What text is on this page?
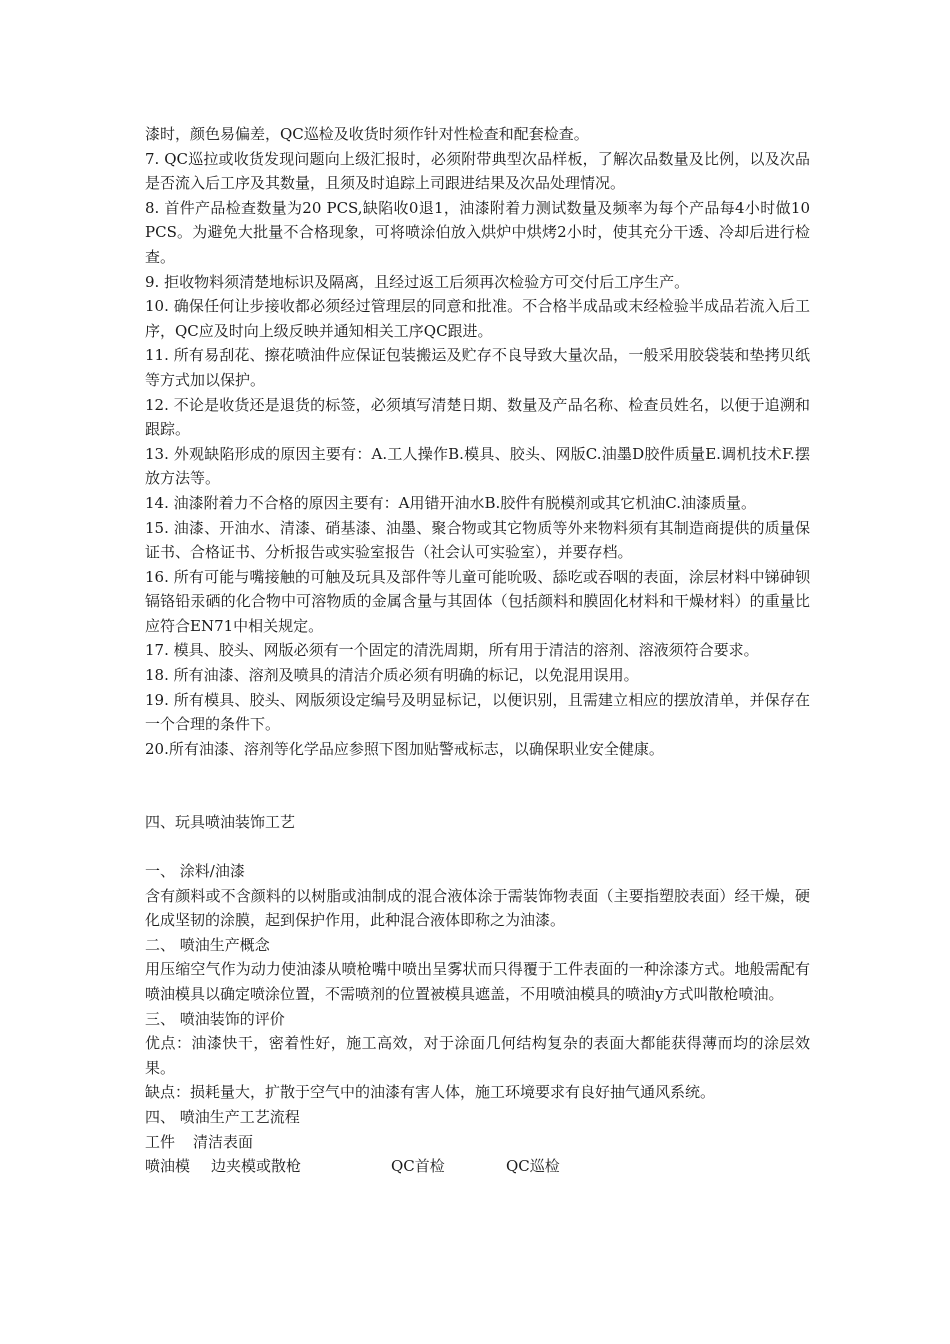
漆时，颜色易偏差，QC巡检及收货时须作针对性检查和配套检查。

7. QC巡拉或收货发现问题向上级汇报时，必须附带典型次品样板，了解次品数量及比例，以及次品是否流入后工序及其数量，且须及时追踪上司跟进结果及次品处理情况。

8. 首件产品检查数量为20 PCS,缺陷收0退1，油漆附着力测试数量及频率为每个产品每4小时做10 PCS。为避免大批量不合格现象，可将喷涂伯放入烘炉中烘烤2小时，使其充分干透、冷却后进行检查。

9. 拒收物料须清楚地标识及隔离，且经过返工后须再次检验方可交付后工序生产。

10. 确保任何让步接收都必须经过管理层的同意和批准。不合格半成品或末经检验半成品若流入后工序，QC应及时向上级反映并通知相关工序QC跟进。

11. 所有易刮花、擦花喷油件应保证包装搬运及贮存不良导致大量次品，一般采用胶袋装和垫拷贝纸等方式加以保护。

12. 不论是收货还是退货的标签，必须填写清楚日期、数量及产品名称、检查员姓名，以便于追溯和跟踪。

13. 外观缺陷形成的原因主要有：A.工人操作B.模具、胶头、网版C.油墨D胶件质量E.调机技术F.摆放方法等。

14. 油漆附着力不合格的原因主要有：A用错开油水B.胶件有脱模剂或其它机油C.油漆质量。

15. 油漆、开油水、清漆、硝基漆、油墨、聚合物或其它物质等外来物料须有其制造商提供的质量保证书、合格证书、分析报告或实验室报告（社会认可实验室），并要存档。

16. 所有可能与嘴接触的可触及玩具及部件等儿童可能吮吸、舔吃或吞咽的表面，涂层材料中锑砷钡镉铬铅汞硒的化合物中可溶物质的金属含量与其固体（包括颜料和膜固化材料和干燥材料）的重量比应符合EN71中相关规定。

17. 模具、胶头、网版必须有一个固定的清洗周期，所有用于清洁的溶剂、溶液须符合要求。

18. 所有油漆、溶剂及喷具的清洁介质必须有明确的标记，以免混用误用。

19. 所有模具、胶头、网版须设定编号及明显标记，以便识别，且需建立相应的摆放清单，并保存在一个合理的条件下。

20.所有油漆、溶剂等化学品应参照下图加贴警戒标志，以确保职业安全健康。

四、玩具喷油装饰工艺

一、 涂料/油漆

含有颜料或不含颜料的以树脂或油制成的混合液体涂于需装饰物表面（主要指塑胶表面）经干燥，硬化成坚韧的涂膜，起到保护作用，此种混合液体即称之为油漆。

二、 喷油生产概念

用压缩空气作为动力使油漆从喷枪嘴中喷出呈雾状而只得覆于工件表面的一种涂漆方式。地般需配有喷油模具以确定喷涂位置，不需喷剂的位置被模具遮盖，不用喷油模具的喷油y方式叫散枪喷油。

三、 喷油装饰的评价

优点：油漆快干，密着性好，施工高效，对于涂面几何结构复杂的表面大都能获得薄而均的涂层效果。

缺点：损耗量大，扩散于空气中的油漆有害人体，施工环境要求有良好抽气通风系统。

四、 喷油生产工艺流程

工件	清洁表面
喷油模	边夹模或散枪	QC首检	QC巡检
